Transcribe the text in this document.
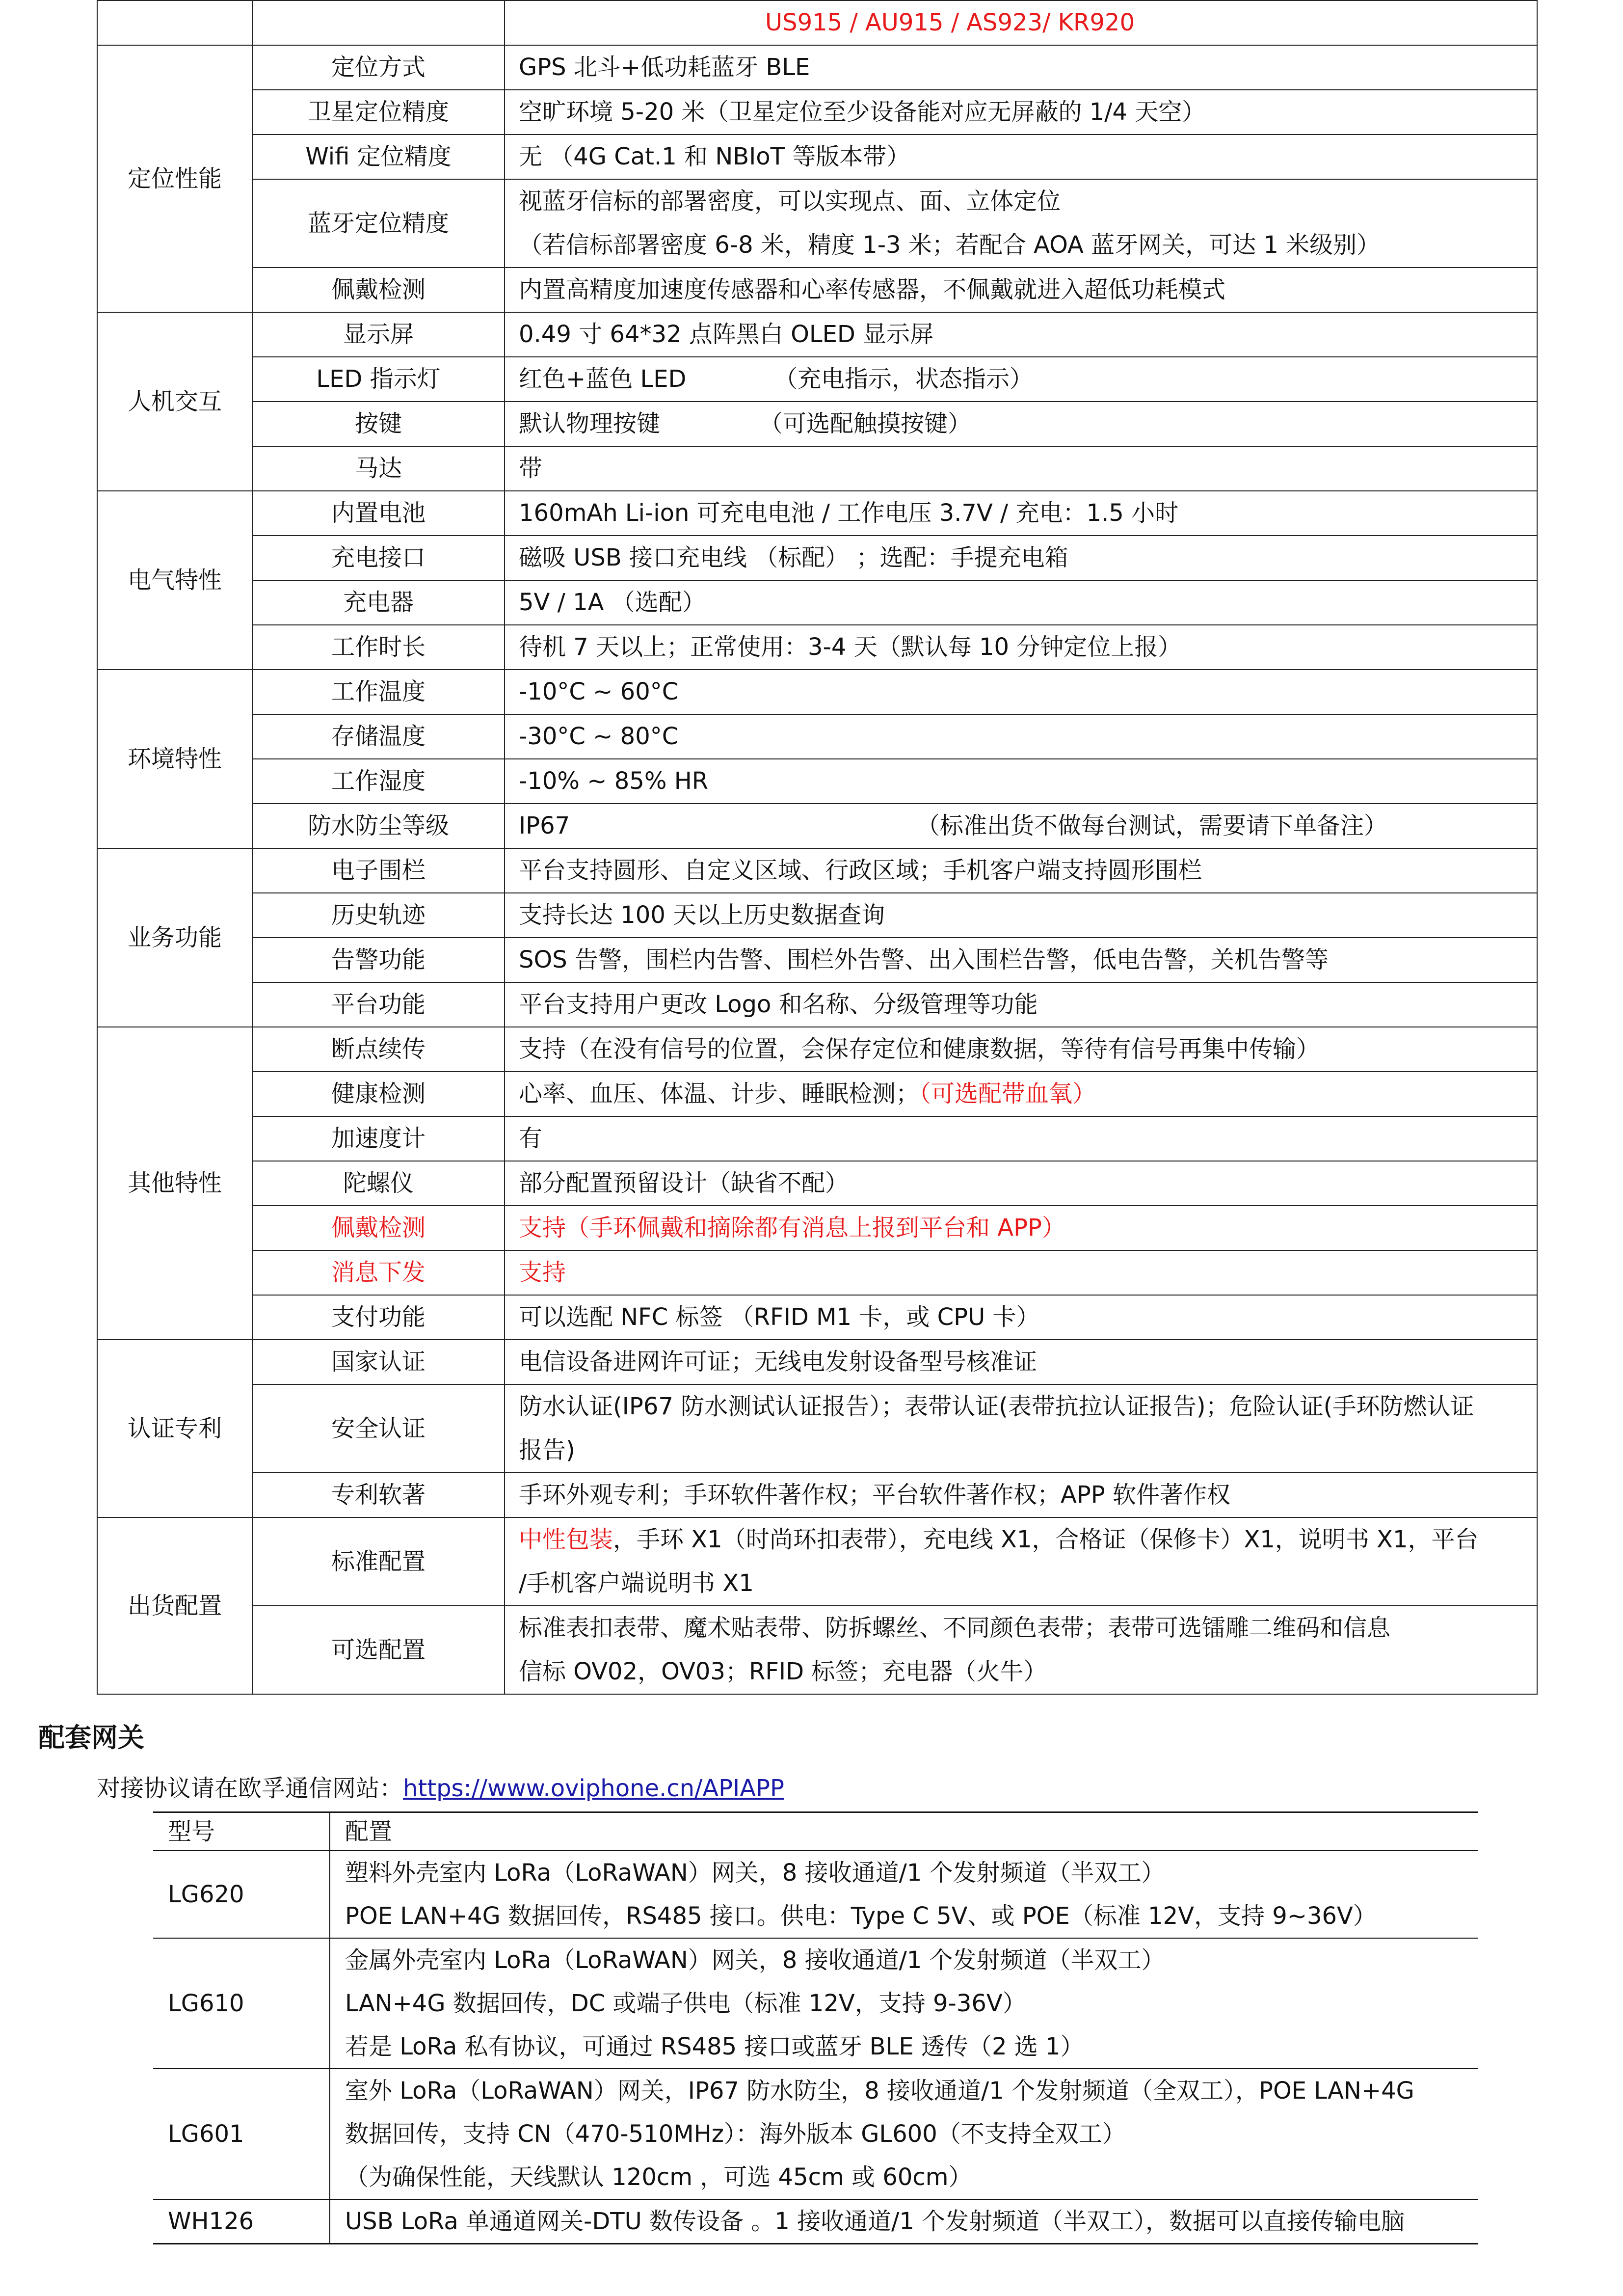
		US915 / AU915 / AS923/ KR920
定位性能	定位方式	GPS 北斗+低功耗蓝牙 BLE
	卫星定位精度	空旷环境 5-20 米（卫星定位至少设备能对应无屏蔽的 1/4 天空）
	Wifi 定位精度	无 （4G Cat.1 和 NBIoT 等版本带）
	蓝牙定位精度	视蓝牙信标的部署密度，可以实现点、面、立体定位
（若信标部署密度 6-8 米，精度 1-3 米；若配合 AOA 蓝牙网关，可达 1 米级别）

	佩戴检测	内置高精度加速度传感器和心率传感器，不佩戴就进入超低功耗模式
人机交互	显示屏	0.49 寸 64*32 点阵黑白 OLED 显示屏
	LED 指示灯	红色+蓝色 LED （充电指示，状态指示）
	按键	默认物理按键 （可选配触摸按键）
	马达	带
电气特性	内置电池	160mAh Li-ion 可充电电池 / 工作电压 3.7V / 充电：1.5 小时
	充电接口	磁吸 USB 接口充电线 （标配） ；选配：手提充电箱
	充电器	5V / 1A （选配）
	工作时长	待机 7 天以上；正常使用：3-4 天（默认每 10 分钟定位上报）
环境特性	工作温度	-10°C ~ 60°C
	存储温度	-30°C ~ 80°C
	工作湿度	-10% ~ 85% HR
	防水防尘等级	IP67 （标准出货不做每台测试，需要请下单备注）
业务功能	电子围栏	平台支持圆形、自定义区域、行政区域；手机客户端支持圆形围栏
	历史轨迹	支持长达 100 天以上历史数据查询
	告警功能	SOS 告警，围栏内告警、围栏外告警、出入围栏告警，低电告警，关机告警等
	平台功能	平台支持用户更改 Logo 和名称、分级管理等功能
其他特性	断点续传	支持（在没有信号的位置，会保存定位和健康数据，等待有信号再集中传输）
	健康检测	心率、血压、体温、计步、睡眠检测；（可选配带血氧）
	加速度计	有
	陀螺仪	部分配置预留设计（缺省不配）
	佩戴检测	支持（手环佩戴和摘除都有消息上报到平台和 APP）
	消息下发	支持
	支付功能	可以选配 NFC 标签 （RFID M1 卡，或 CPU 卡）
认证专利	国家认证	电信设备进网许可证；无线电发射设备型号核准证
	安全认证	防水认证(IP67 防水测试认证报告）；表带认证(表带抗拉认证报告)；危险认证(手环防燃认证
报告)

	专利软著	手环外观专利；手环软件著作权；平台软件著作权；APP 软件著作权
出货配置	标准配置	中性包装，手环 X1（时尚环扣表带），充电线 X1，合格证（保修卡）X1，说明书 X1，平台
/手机客户端说明书 X1

	可选配置	标准表扣表带、魔术贴表带、防拆螺丝、不同颜色表带；表带可选镭雕二维码和信息
信标 OV02，OV03；RFID 标签；充电器（火牛）
配套网关
对接协议请在欧孚通信网站：https://www.oviphone.cn/APIAPP
型号	配置
LG620	塑料外壳室内 LoRa（LoRaWAN）网关，8 接收通道/1 个发射频道（半双工）
POE LAN+4G 数据回传，RS485 接口。供电：Type C 5V、或 POE（标准 12V，支持 9~36V）

LG610	金属外壳室内 LoRa（LoRaWAN）网关，8 接收通道/1 个发射频道（半双工）
LAN+4G 数据回传，DC 或端子供电（标准 12V，支持 9-36V）
若是 LoRa 私有协议，可通过 RS485 接口或蓝牙 BLE 透传（2 选 1）

LG601	室外 LoRa（LoRaWAN）网关，IP67 防水防尘，8 接收通道/1 个发射频道（全双工），POE LAN+4G
数据回传，支持 CN（470-510MHz）：海外版本 GL600（不支持全双工）
（为确保性能，天线默认 120cm ，可选 45cm 或 60cm）

WH126	USB LoRa 单通道网关-DTU 数传设备 。1 接收通道/1 个发射频道（半双工），数据可以直接传输电脑
